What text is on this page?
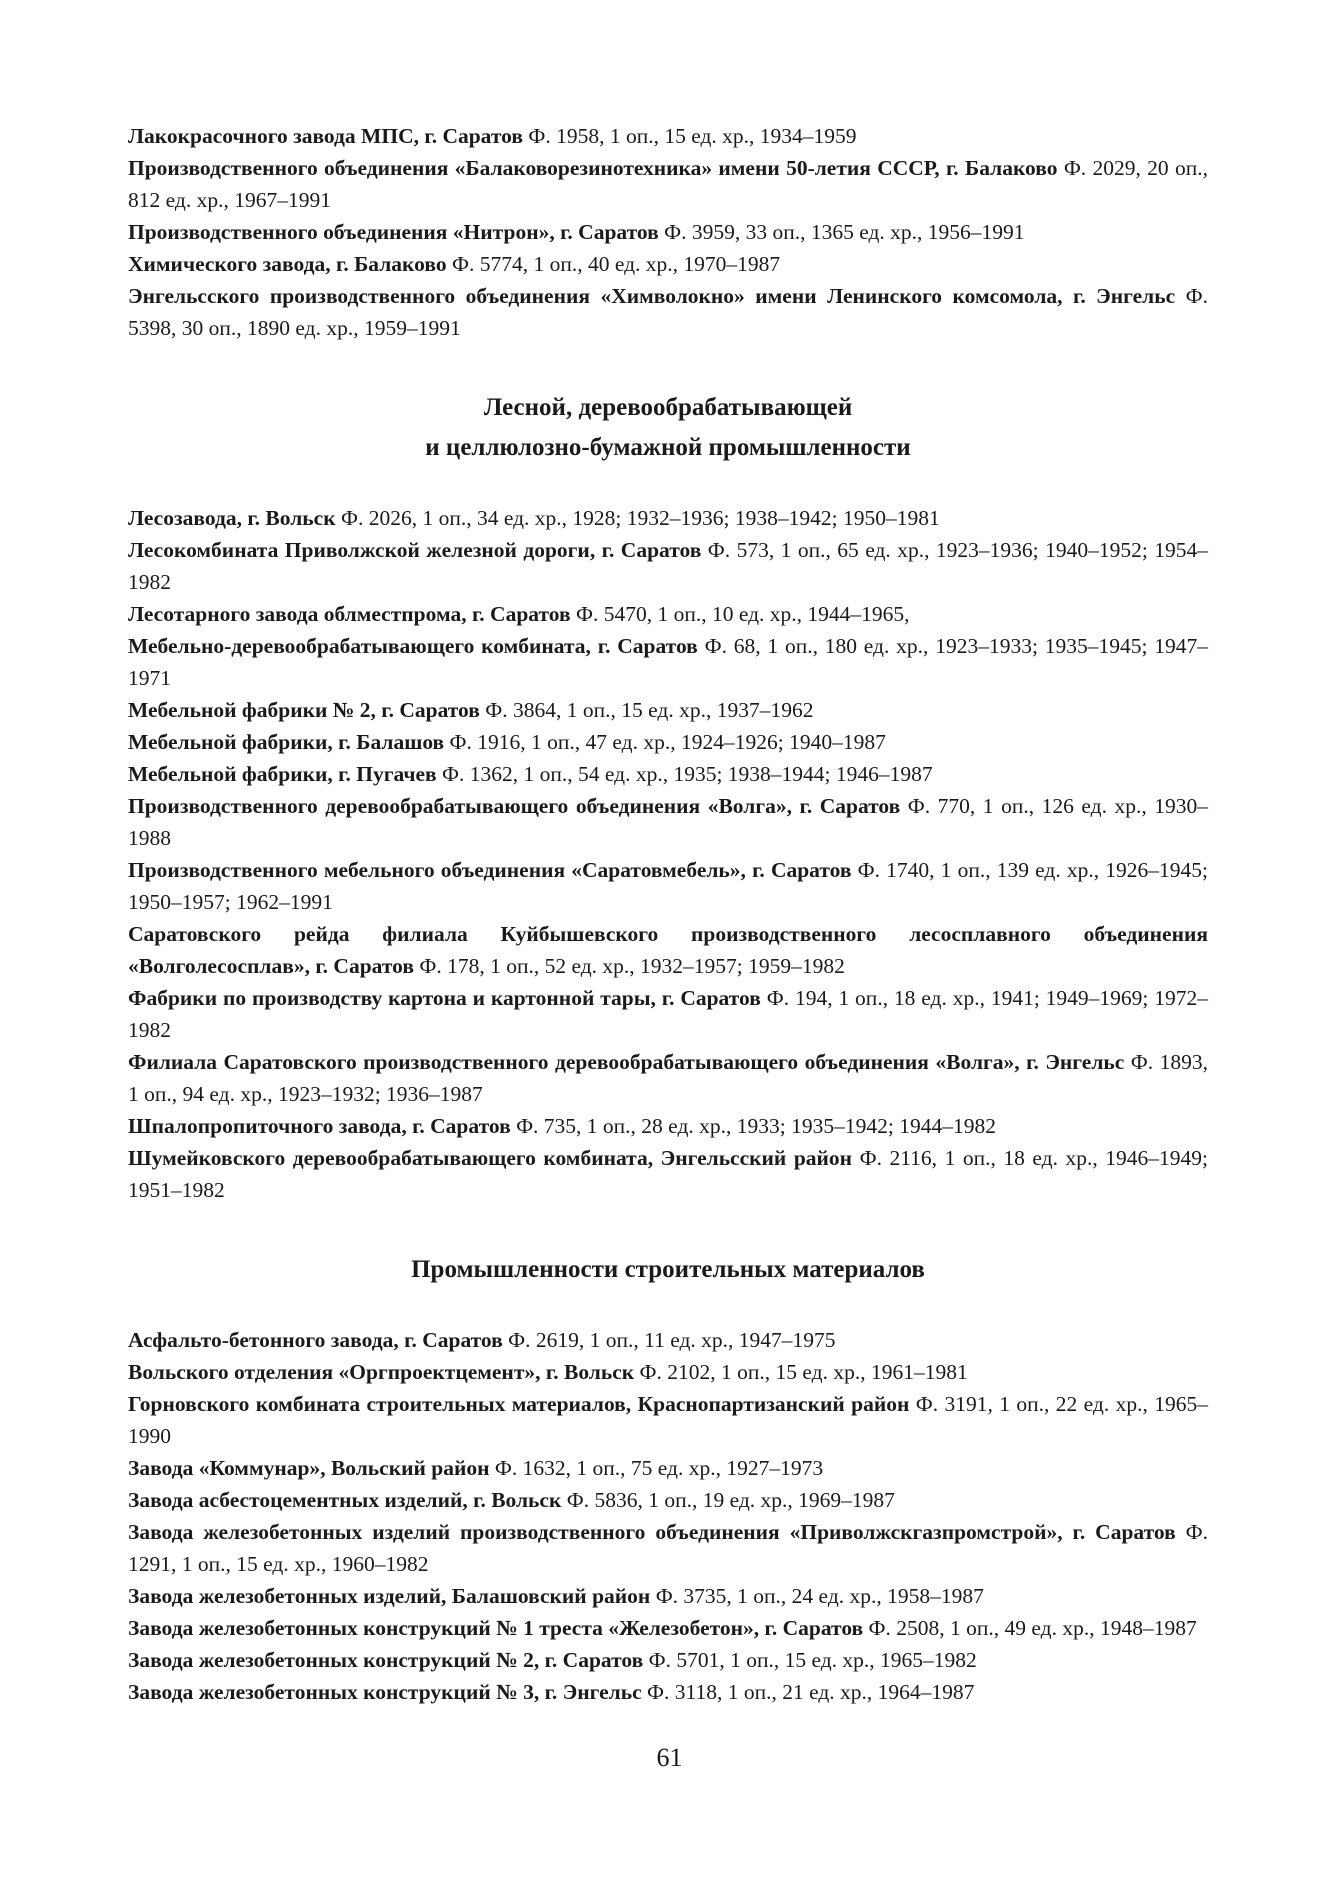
Лакокрасочного завода МПС, г. Саратов Ф. 1958, 1 оп., 15 ед. хр., 1934–1959

Производственного объединения «Балаковорезинотехника» имени 50-летия СССР, г. Балаково Ф. 2029, 20 оп., 812 ед. хр., 1967–1991

Производственного объединения «Нитрон», г. Саратов Ф. 3959, 33 оп., 1365 ед. хр., 1956–1991

Химического завода, г. Балаково Ф. 5774, 1 оп., 40 ед. хр., 1970–1987

Энгельсского производственного объединения «Химволокно» имени Ленинского комсомола, г. Энгельс Ф. 5398, 30 оп., 1890 ед. хр., 1959–1991

Лесной, деревообрабатывающей
и целлюлозно-бумажной промышленности

Лесозавода, г. Вольск Ф. 2026, 1 оп., 34 ед. хр., 1928; 1932–1936; 1938–1942; 1950–1981

Лесокомбината Приволжской железной дороги, г. Саратов Ф. 573, 1 оп., 65 ед. хр., 1923–1936; 1940–1952; 1954–1982

Лесотарного завода облместпрома, г. Саратов Ф. 5470, 1 оп., 10 ед. хр., 1944–1965,

Мебельно-деревообрабатывающего комбината, г. Саратов Ф. 68, 1 оп., 180 ед. хр., 1923–1933; 1935–1945; 1947–1971

Мебельной фабрики № 2, г. Саратов Ф. 3864, 1 оп., 15 ед. хр., 1937–1962

Мебельной фабрики, г. Балашов Ф. 1916, 1 оп., 47 ед. хр., 1924–1926; 1940–1987

Мебельной фабрики, г. Пугачев Ф. 1362, 1 оп., 54 ед. хр., 1935; 1938–1944; 1946–1987

Производственного деревообрабатывающего объединения «Волга», г. Саратов Ф. 770, 1 оп., 126 ед. хр., 1930–1988

Производственного мебельного объединения «Саратовмебель», г. Саратов Ф. 1740, 1 оп., 139 ед. хр., 1926–1945; 1950–1957; 1962–1991

Саратовского рейда филиала Куйбышевского производственного лесосплавного объединения «Волголесосплав», г. Саратов Ф. 178, 1 оп., 52 ед. хр., 1932–1957; 1959–1982

Фабрики по производству картона и картонной тары, г. Саратов Ф. 194, 1 оп., 18 ед. хр., 1941; 1949–1969; 1972–1982

Филиала Саратовского производственного деревообрабатывающего объединения «Волга», г. Энгельс Ф. 1893, 1 оп., 94 ед. хр., 1923–1932; 1936–1987

Шпалопропиточного завода, г. Саратов Ф. 735, 1 оп., 28 ед. хр., 1933; 1935–1942; 1944–1982

Шумейковского деревообрабатывающего комбината, Энгельсский район Ф. 2116, 1 оп., 18 ед. хр., 1946–1949; 1951–1982

Промышленности строительных материалов

Асфальто-бетонного завода, г. Саратов Ф. 2619, 1 оп., 11 ед. хр., 1947–1975

Вольского отделения «Оргпроектцемент», г. Вольск Ф. 2102, 1 оп., 15 ед. хр., 1961–1981

Горновского комбината строительных материалов, Краснопартизанский район Ф. 3191, 1 оп., 22 ед. хр., 1965–1990

Завода «Коммунар», Вольский район Ф. 1632, 1 оп., 75 ед. хр., 1927–1973

Завода асбестоцементных изделий, г. Вольск Ф. 5836, 1 оп., 19 ед. хр., 1969–1987

Завода железобетонных изделий производственного объединения «Приволжскгазпромстрой», г. Саратов Ф. 1291, 1 оп., 15 ед. хр., 1960–1982

Завода железобетонных изделий, Балашовский район Ф. 3735, 1 оп., 24 ед. хр., 1958–1987

Завода железобетонных конструкций № 1 треста «Железобетон», г. Саратов Ф. 2508, 1 оп., 49 ед. хр., 1948–1987

Завода железобетонных конструкций № 2, г. Саратов Ф. 5701, 1 оп., 15 ед. хр., 1965–1982

Завода железобетонных конструкций № 3, г. Энгельс Ф. 3118, 1 оп., 21 ед. хр., 1964–1987

61
